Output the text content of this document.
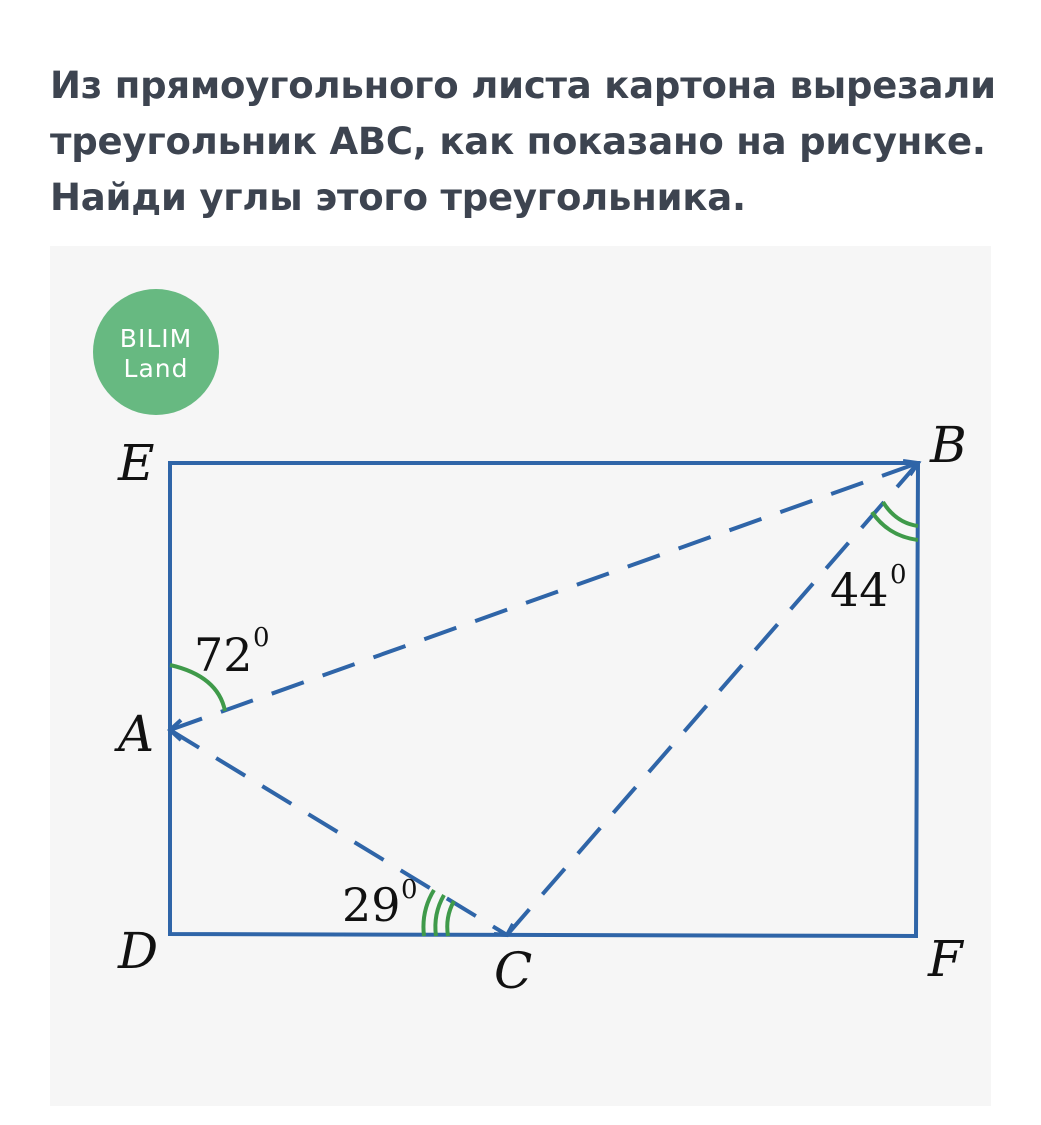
Из прямоугольного листа картона вырезали
треугольник ABC, как показано на рисунке.
Найди углы этого треугольника.
BILIM
Land
E	B
A
D	C	F
72 0
44 0
29 0
